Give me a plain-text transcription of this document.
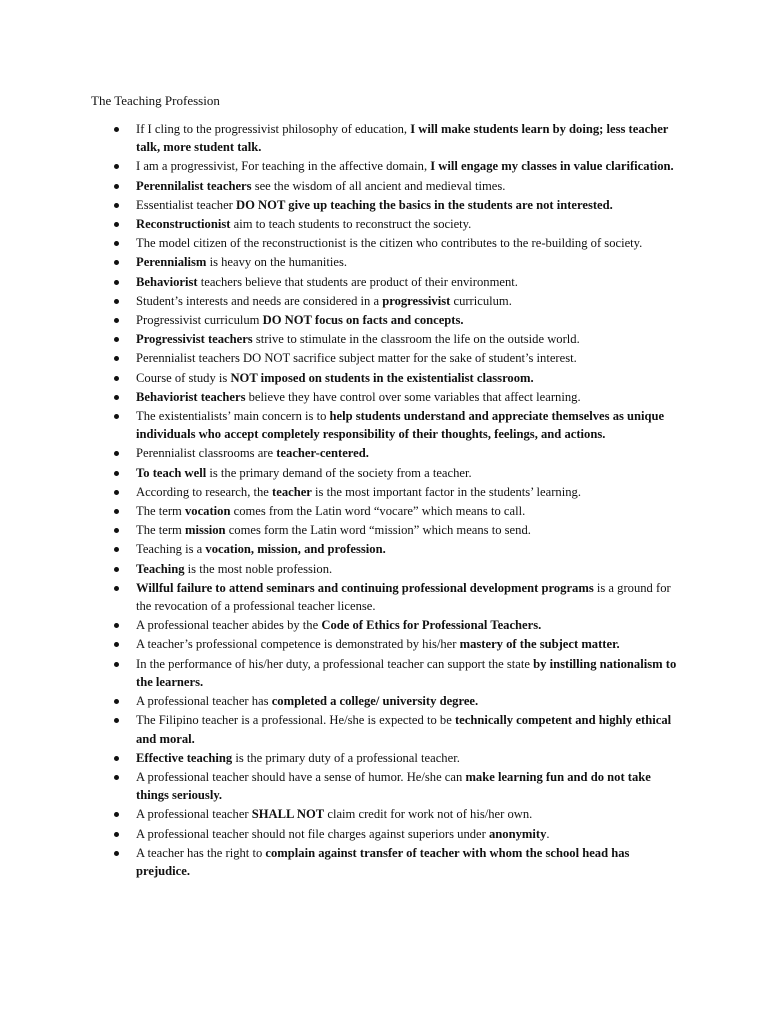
The Teaching Profession
If I cling to the progressivist philosophy of education, I will make students learn by doing; less teacher talk, more student talk.
I am a progressivist, For teaching in the affective domain, I will engage my classes in value clarification.
Perennilalist teachers see the wisdom of all ancient and medieval times.
Essentialist teacher DO NOT give up teaching the basics in the students are not interested.
Reconstructionist aim to teach students to reconstruct the society.
The model citizen of the reconstructionist is the citizen who contributes to the re-building of society.
Perennialism is heavy on the humanities.
Behaviorist teachers believe that students are product of their environment.
Student’s interests and needs are considered in a progressivist curriculum.
Progressivist curriculum DO NOT focus on facts and concepts.
Progressivist teachers strive to stimulate in the classroom the life on the outside world.
Perennialist teachers DO NOT sacrifice subject matter for the sake of student’s interest.
Course of study is NOT imposed on students in the existentialist classroom.
Behaviorist teachers believe they have control over some variables that affect learning.
The existentialists’ main concern is to help students understand and appreciate themselves as unique individuals who accept completely responsibility of their thoughts, feelings, and actions.
Perennialist classrooms are teacher-centered.
To teach well is the primary demand of the society from a teacher.
According to research, the teacher is the most important factor in the students’ learning.
The term vocation comes from the Latin word “vocare” which means to call.
The term mission comes form the Latin word “mission” which means to send.
Teaching is a vocation, mission, and profession.
Teaching is the most noble profession.
Willful failure to attend seminars and continuing professional development programs is a ground for the revocation of a professional teacher license.
A professional teacher abides by the Code of Ethics for Professional Teachers.
A teacher’s professional competence is demonstrated by his/her mastery of the subject matter.
In the performance of his/her duty, a professional teacher can support the state by instilling nationalism to the learners.
A professional teacher has completed a college/ university degree.
The Filipino teacher is a professional. He/she is expected to be technically competent and highly ethical and moral.
Effective teaching is the primary duty of a professional teacher.
A professional teacher should have a sense of humor. He/she can make learning fun and do not take things seriously.
A professional teacher SHALL NOT claim credit for work not of his/her own.
A professional teacher should not file charges against superiors under anonymity.
A teacher has the right to complain against transfer of teacher with whom the school head has prejudice.
